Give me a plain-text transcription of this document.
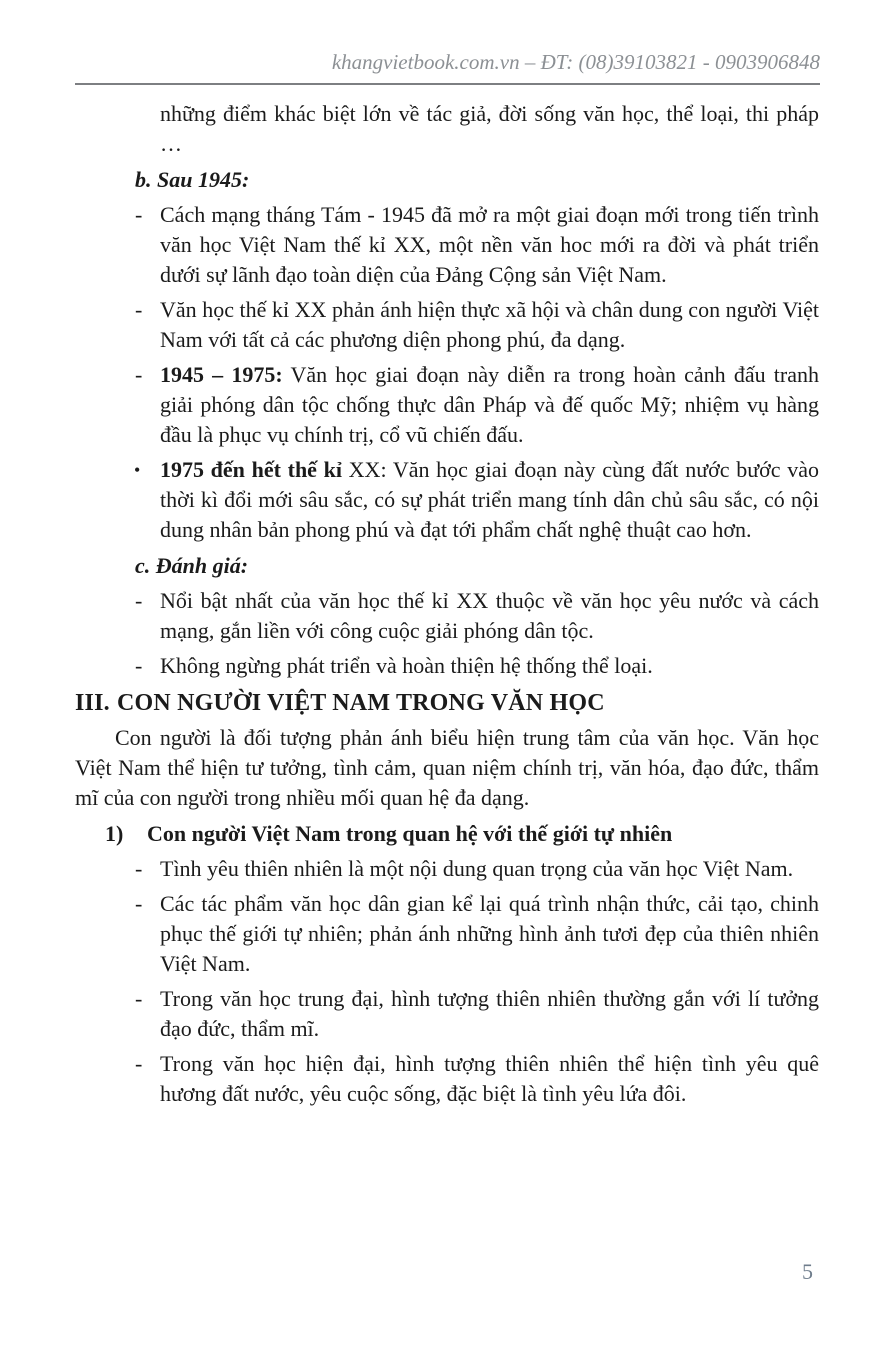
khangvietbook.com.vn – ĐT: (08)39103821 - 0903906848
những điểm khác biệt lớn về tác giả, đời sống văn học, thể loại, thi pháp …
b. Sau 1945:
- Cách mạng tháng Tám - 1945 đã mở ra một giai đoạn mới trong tiến trình văn học Việt Nam thế kỉ XX, một nền văn hoc mới ra đời và phát triển dưới sự lãnh đạo toàn diện của Đảng Cộng sản Việt Nam.
- Văn học thế kỉ XX phản ánh hiện thực xã hội và chân dung con người Việt Nam với tất cả các phương diện phong phú, đa dạng.
- 1945 – 1975: Văn học giai đoạn này diễn ra trong hoàn cảnh đấu tranh giải phóng dân tộc chống thực dân Pháp và đế quốc Mỹ; nhiệm vụ hàng đầu là phục vụ chính trị, cổ vũ chiến đấu.
• 1975 đến hết thế kỉ XX: Văn học giai đoạn này cùng đất nước bước vào thời kì đổi mới sâu sắc, có sự phát triển mang tính dân chủ sâu sắc, có nội dung nhân bản phong phú và đạt tới phẩm chất nghệ thuật cao hơn.
c. Đánh giá:
- Nổi bật nhất của văn học thế kỉ XX thuộc về văn học yêu nước và cách mạng, gắn liền với công cuộc giải phóng dân tộc.
- Không ngừng phát triển và hoàn thiện hệ thống thể loại.
III. CON NGƯỜI VIỆT NAM TRONG VĂN HỌC
Con người là đối tượng phản ánh biểu hiện trung tâm của văn học. Văn học Việt Nam thể hiện tư tưởng, tình cảm, quan niệm chính trị, văn hóa, đạo đức, thẩm mĩ của con người trong nhiều mối quan hệ đa dạng.
1) Con người Việt Nam trong quan hệ với thế giới tự nhiên
- Tình yêu thiên nhiên là một nội dung quan trọng của văn học Việt Nam.
- Các tác phẩm văn học dân gian kể lại quá trình nhận thức, cải tạo, chinh phục thế giới tự nhiên; phản ánh những hình ảnh tươi đẹp của thiên nhiên Việt Nam.
- Trong văn học trung đại, hình tượng thiên nhiên thường gắn với lí tưởng đạo đức, thẩm mĩ.
- Trong văn học hiện đại, hình tượng thiên nhiên thể hiện tình yêu quê hương đất nước, yêu cuộc sống, đặc biệt là tình yêu lứa đôi.
5
